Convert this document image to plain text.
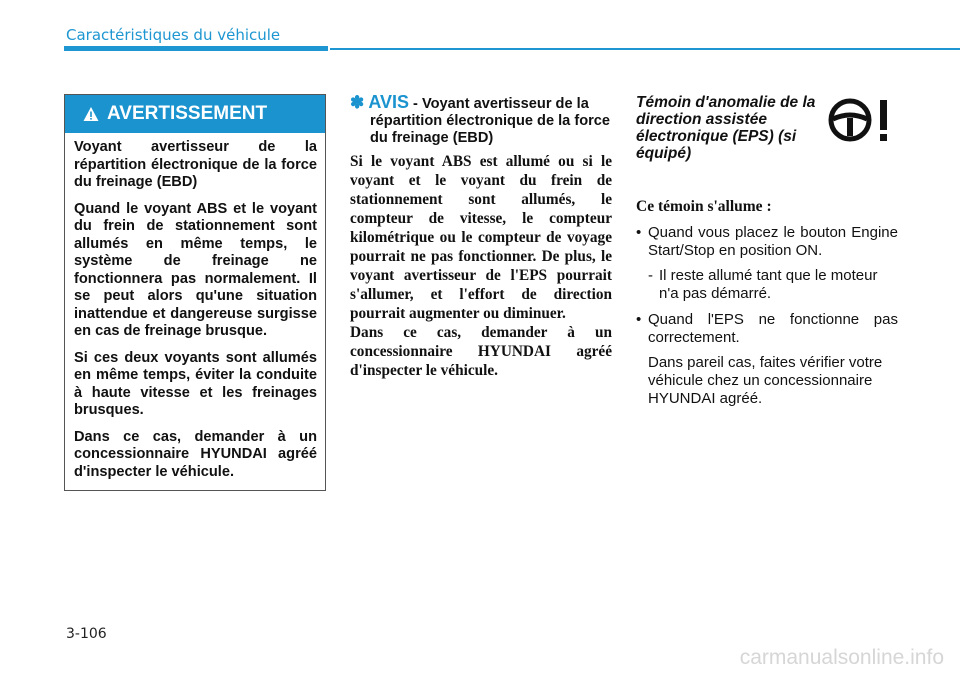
Caractéristiques du véhicule
AVERTISSEMENT

Voyant avertisseur de la répartition électronique de la force du freinage (EBD)

Quand le voyant ABS et le voyant du frein de stationnement sont allumés en même temps, le système de freinage ne fonctionnera pas normalement. Il se peut alors qu'une situation inattendue et dangereuse surgisse en cas de freinage brusque.

Si ces deux voyants sont allumés en même temps, éviter la conduite à haute vitesse et les freinages brusques.

Dans ce cas, demander à un concessionnaire HYUNDAI agréé d'inspecter le véhicule.

✽ AVIS - Voyant avertisseur de la répartition électronique de la force du freinage (EBD)

Si le voyant ABS est allumé ou si le voyant et le voyant du frein de stationnement sont allumés, le compteur de vitesse, le compteur kilométrique ou le compteur de voyage pourrait ne pas fonctionner. De plus, le voyant avertisseur de l'EPS pourrait s'allumer, et l'effort de direction pourrait augmenter ou diminuer.

Dans ce cas, demander à un concessionnaire HYUNDAI agréé d'inspecter le véhicule.

Témoin d'anomalie de la direction assistée électronique (EPS) (si équipé)
Ce témoin s'allume :
• Quand vous placez le bouton Engine Start/Stop en position ON.
- Il reste allumé tant que le moteur n'a pas démarré.
• Quand l'EPS ne fonctionne pas correctement.
Dans pareil cas, faites vérifier votre véhicule chez un concessionnaire HYUNDAI agréé.
3-106
carmanualsonline.info
